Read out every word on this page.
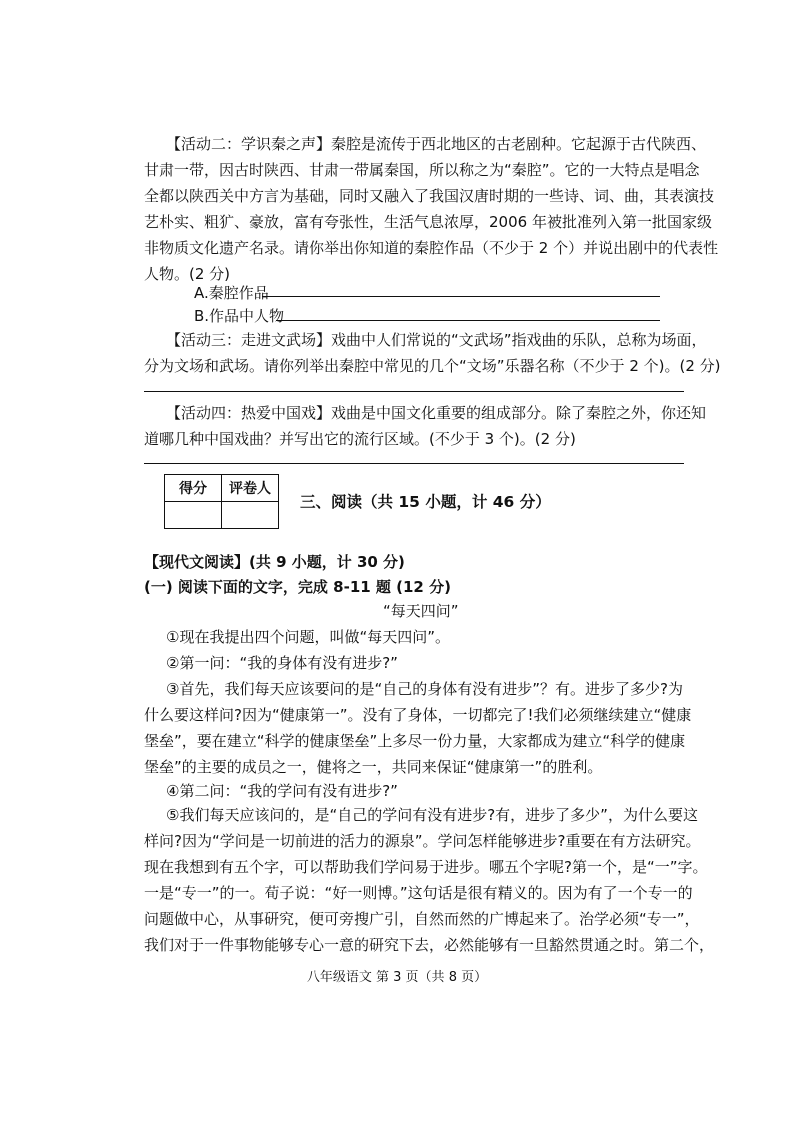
【活动二：学识秦之声】秦腔是流传于西北地区的古老剧种。它起源于古代陕西、

甘肃一带，因古时陕西、甘肃一带属秦国，所以称之为“秦腔”。它的一大特点是唱念

全都以陕西关中方言为基础，同时又融入了我国汉唐时期的一些诗、词、曲，其表演技

艺朴实、粗犷、豪放，富有夸张性，生活气息浓厚，2006 年被批准列入第一批国家级

非物质文化遗产名录。请你举出你知道的秦腔作品（不少于 2 个）并说出剧中的代表性

人物。(2 分)

A.秦腔作品

B.作品中人物

【活动三：走进文武场】戏曲中人们常说的“文武场”指戏曲的乐队，总称为场面，

分为文场和武场。请你列举出秦腔中常见的几个“文场”乐器名称（不少于 2 个)。(2 分)

【活动四：热爱中国戏】戏曲是中国文化重要的组成部分。除了秦腔之外，你还知

道哪几种中国戏曲？并写出它的流行区域。(不少于 3 个)。(2 分)

得分	评卷人

三、阅读（共 15 小题，计 46 分）

【现代文阅读】(共 9 小题，计 30 分)

(一) 阅读下面的文字，完成 8-11 题 (12 分)

“每天四问”

①现在我提出四个问题，叫做“每天四问”。

②第一问：“我的身体有没有进步?”

③首先，我们每天应该要问的是“自己的身体有没有进步”？有。进步了多少?为

什么要这样问?因为“健康第一”。没有了身体，一切都完了!我们必须继续建立“健康

堡垒”，要在建立“科学的健康堡垒”上多尽一份力量，大家都成为建立“科学的健康

堡垒”的主要的成员之一，健将之一，共同来保证“健康第一”的胜利。

④第二问：“我的学问有没有进步?”

⑤我们每天应该问的，是“自己的学问有没有进步?有，进步了多少”，为什么要这

样问?因为“学问是一切前进的活力的源泉”。学问怎样能够进步?重要在有方法研究。

现在我想到有五个字，可以帮助我们学问易于进步。哪五个字呢?第一个，是“一”字。

一是“专一”的一。荀子说：“好一则博。”这句话是很有精义的。因为有了一个专一的

问题做中心，从事研究，便可旁搜广引，自然而然的广博起来了。治学必须“专一”，

我们对于一件事物能够专心一意的研究下去，必然能够有一旦豁然贯通之时。第二个，

八年级语文 第 3 页（共 8 页）
